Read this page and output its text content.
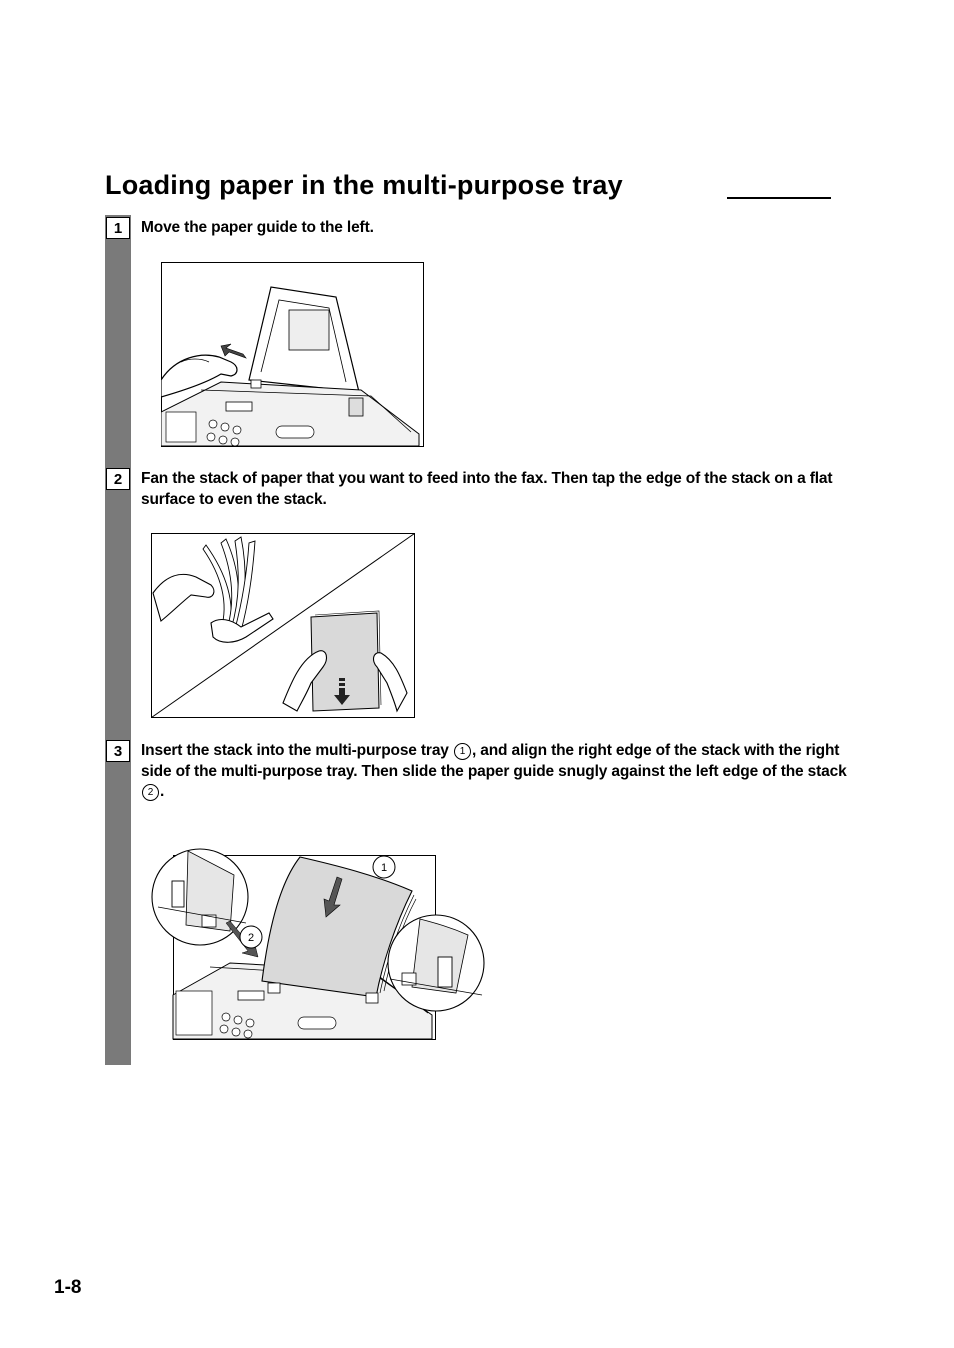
Loading paper in the multi-purpose tray
1	Move the paper guide to the left.
2	Fan the stack of paper that you want to feed into the fax. Then tap the edge of the stack on a flat surface to even the stack.
3	Insert the stack into the multi-purpose tray 1 , and align the right edge of the stack with the right side of the multi-purpose tray. Then slide the paper guide snugly against the left edge of the stack 2 .
2
1
1-8
